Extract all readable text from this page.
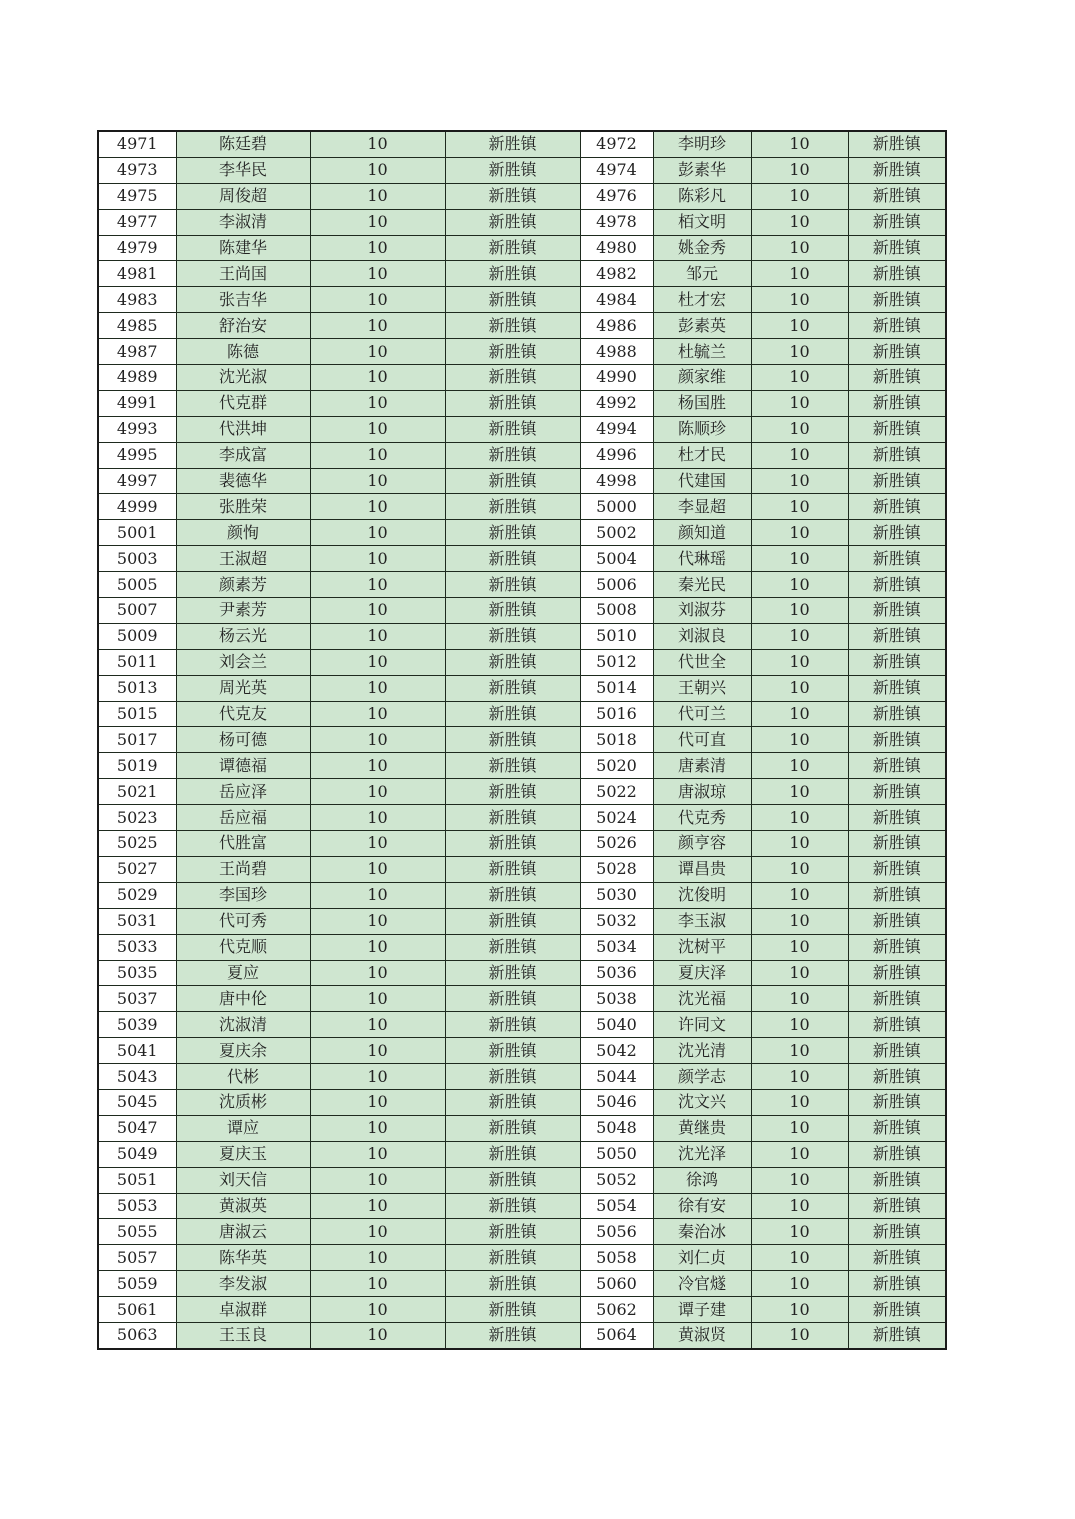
4971	陈廷碧	10	新胜镇	4972	李明珍	10	新胜镇
4973	李华民	10	新胜镇	4974	彭素华	10	新胜镇
4975	周俊超	10	新胜镇	4976	陈彩凡	10	新胜镇
4977	李淑清	10	新胜镇	4978	栢文明	10	新胜镇
4979	陈建华	10	新胜镇	4980	姚金秀	10	新胜镇
4981	王尚国	10	新胜镇	4982	邹元	10	新胜镇
4983	张吉华	10	新胜镇	4984	杜才宏	10	新胜镇
4985	舒治安	10	新胜镇	4986	彭素英	10	新胜镇
4987	陈德	10	新胜镇	4988	杜毓兰	10	新胜镇
4989	沈光淑	10	新胜镇	4990	颜家维	10	新胜镇
4991	代克群	10	新胜镇	4992	杨国胜	10	新胜镇
4993	代洪坤	10	新胜镇	4994	陈顺珍	10	新胜镇
4995	李成富	10	新胜镇	4996	杜才民	10	新胜镇
4997	裴德华	10	新胜镇	4998	代建国	10	新胜镇
4999	张胜荣	10	新胜镇	5000	李显超	10	新胜镇
5001	颜恂	10	新胜镇	5002	颜知道	10	新胜镇
5003	王淑超	10	新胜镇	5004	代琳瑶	10	新胜镇
5005	颜素芳	10	新胜镇	5006	秦光民	10	新胜镇
5007	尹素芳	10	新胜镇	5008	刘淑芬	10	新胜镇
5009	杨云光	10	新胜镇	5010	刘淑良	10	新胜镇
5011	刘会兰	10	新胜镇	5012	代世全	10	新胜镇
5013	周光英	10	新胜镇	5014	王朝兴	10	新胜镇
5015	代克友	10	新胜镇	5016	代可兰	10	新胜镇
5017	杨可德	10	新胜镇	5018	代可直	10	新胜镇
5019	谭德福	10	新胜镇	5020	唐素清	10	新胜镇
5021	岳应泽	10	新胜镇	5022	唐淑琼	10	新胜镇
5023	岳应福	10	新胜镇	5024	代克秀	10	新胜镇
5025	代胜富	10	新胜镇	5026	颜亨容	10	新胜镇
5027	王尚碧	10	新胜镇	5028	谭昌贵	10	新胜镇
5029	李国珍	10	新胜镇	5030	沈俊明	10	新胜镇
5031	代可秀	10	新胜镇	5032	李玉淑	10	新胜镇
5033	代克顺	10	新胜镇	5034	沈树平	10	新胜镇
5035	夏应	10	新胜镇	5036	夏庆泽	10	新胜镇
5037	唐中伦	10	新胜镇	5038	沈光福	10	新胜镇
5039	沈淑清	10	新胜镇	5040	许同文	10	新胜镇
5041	夏庆余	10	新胜镇	5042	沈光清	10	新胜镇
5043	代彬	10	新胜镇	5044	颜学志	10	新胜镇
5045	沈质彬	10	新胜镇	5046	沈文兴	10	新胜镇
5047	谭应	10	新胜镇	5048	黄继贵	10	新胜镇
5049	夏庆玉	10	新胜镇	5050	沈光泽	10	新胜镇
5051	刘天信	10	新胜镇	5052	徐鸿	10	新胜镇
5053	黄淑英	10	新胜镇	5054	徐有安	10	新胜镇
5055	唐淑云	10	新胜镇	5056	秦治冰	10	新胜镇
5057	陈华英	10	新胜镇	5058	刘仁贞	10	新胜镇
5059	李发淑	10	新胜镇	5060	冷官燧	10	新胜镇
5061	卓淑群	10	新胜镇	5062	谭子建	10	新胜镇
5063	王玉良	10	新胜镇	5064	黄淑贤	10	新胜镇
